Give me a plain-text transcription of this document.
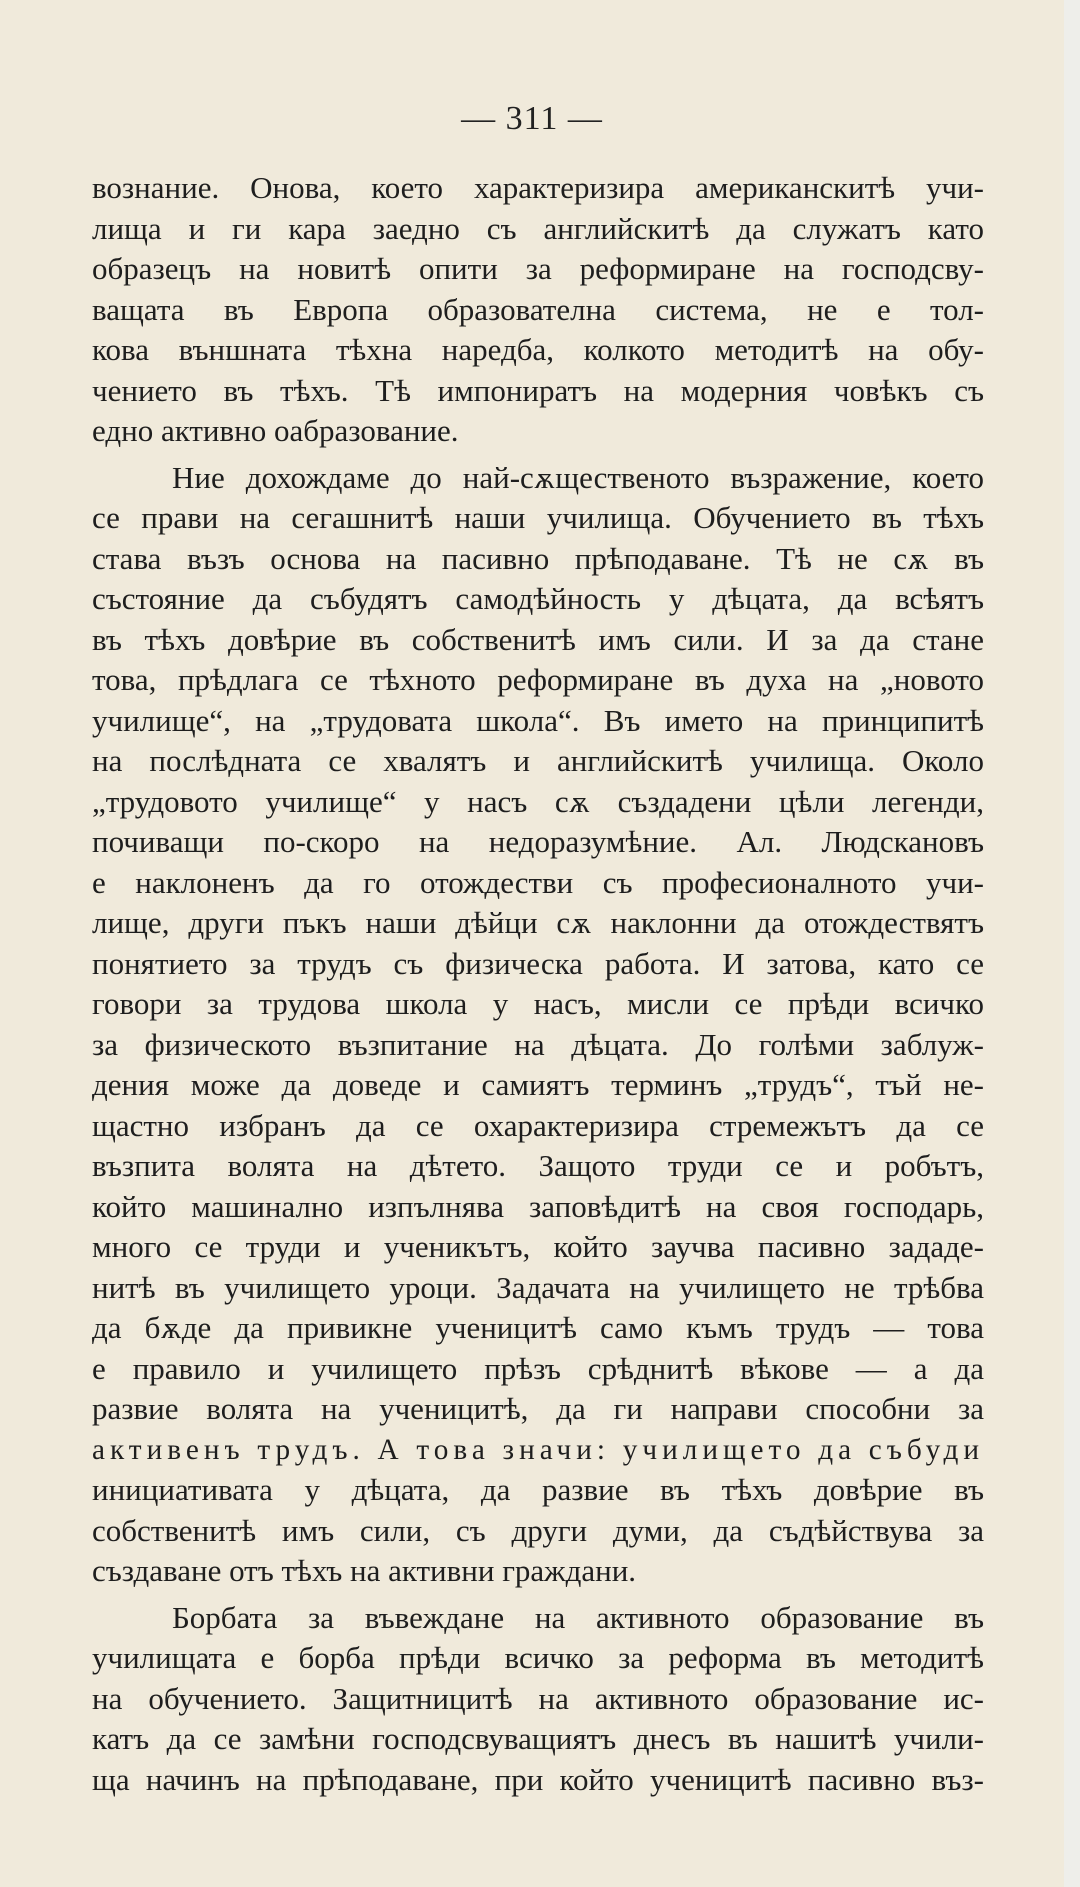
— 311 —
вознание. Онова, което характеризира американскитѣ учи-
лища и ги кара заедно съ английскитѣ да служатъ като
образецъ на новитѣ опити за реформиране на господсву-
ващата въ Европа образователна система, не е тол-
кова външната тѣхна наредба, колкото методитѣ на обу-
чението въ тѣхъ. Тѣ импониратъ на модерния човѣкъ съ
едно активно оабразование.
Ние дохождаме до най-сѫщественото възражение, което
се прави на сегашнитѣ наши училища. Обучението въ тѣхъ
става възъ основа на пасивно прѣподаване. Тѣ не сѫ въ
състояние да събудятъ самодѣйность у дѣцата, да всѣятъ
въ тѣхъ довѣрие въ собственитѣ имъ сили. И за да стане
това, прѣдлага се тѣхното реформиране въ духа на „новото
училище“, на „трудовата школа“. Въ името на принципитѣ
на послѣдната се хвалятъ и английскитѣ училища. Около
„трудовото училище“ у насъ сѫ създадени цѣли легенди,
почиващи по-скоро на недоразумѣние. Ал. Людскановъ
е наклоненъ да го отождестви съ професионалното учи-
лище, други пъкъ наши дѣйци сѫ наклонни да отождествятъ
понятието за трудъ съ физическа работа. И затова, като се
говори за трудова школа у насъ, мисли се прѣди всичко
за физическото възпитание на дѣцата. До голѣми заблуж-
дения може да доведе и самиятъ терминъ „трудъ“, тъй не-
щастно избранъ да се охарактеризира стремежътъ да се
възпита волята на дѣтето. Защото труди се и робътъ,
който машинално изпълнява заповѣдитѣ на своя господарь,
много се труди и ученикътъ, който заучва пасивно зададе-
нитѣ въ училището уроци. Задачата на училището не трѣбва
да бѫде да привикне ученицитѣ само къмъ трудъ — това
е правило и училището прѣзъ срѣднитѣ вѣкове — а да
развие волята на ученицитѣ, да ги направи способни за
активенъ трудъ. А това значи: училището да събуди
инициативата у дѣцата, да развие въ тѣхъ довѣрие въ
собственитѣ имъ сили, съ други думи, да съдѣйствува за
създаване отъ тѣхъ на активни граждани.
Борбата за въвеждане на активното образование въ
училищата е борба прѣди всичко за реформа въ методитѣ
на обучението. Защитницитѣ на активното образование ис-
катъ да се замѣни господсвуващиятъ днесъ въ нашитѣ учили-
ща начинъ на прѣподаване, при който ученицитѣ пасивно въз-
